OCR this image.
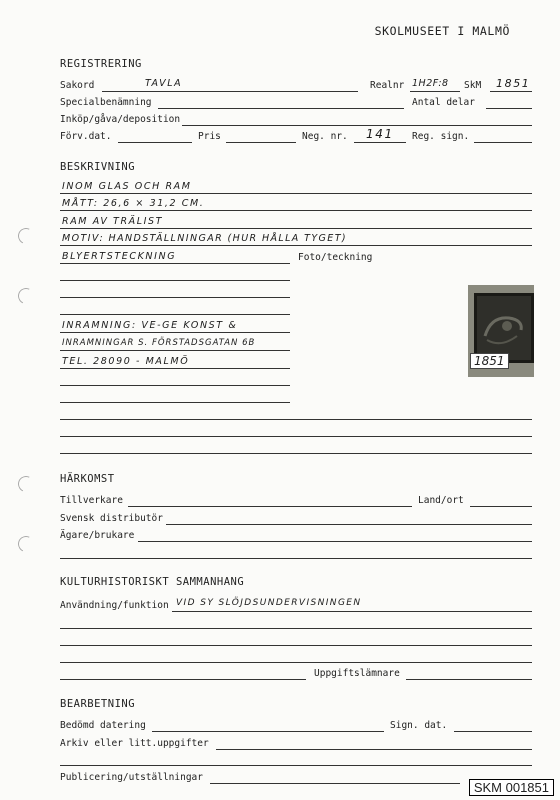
SKOLMUSEET I MALMÖ
REGISTRERING
Sakord	TAVLA	Realnr 1H2F:8 SkM 1851
Specialbenämning	Antal delar
Inköp/gåva/deposition
Förv.dat.	Pris	Neg. nr. 141 Reg. sign.
BESKRIVNING
INOM GLAS OCH RAM
MÅTT: 26,6 × 31,2 CM.
RAM AV TRÄLIST
MOTIV: HANDSTÄLLNINGAR (HUR HÅLLA TYGET)
BLYERTSTECKNING	Foto/teckning
INRAMNING: VE-GE KONST &
INRAMNINGAR S. FÖRSTADSGATAN 6B
TEL. 28090 - MALMÖ	1851
HÄRKOMST
Tillverkare	Land/ort
Svensk distributör
Ägare/brukare
KULTURHISTORISKT SAMMANHANG
Användning/funktion VID SY SLÖJDSUNDERVISNINGEN
Uppgiftslämnare
BEARBETNING
Bedömd datering	Sign. dat.
Arkiv eller litt.uppgifter
Publicering/utställningar
SKM 001851
